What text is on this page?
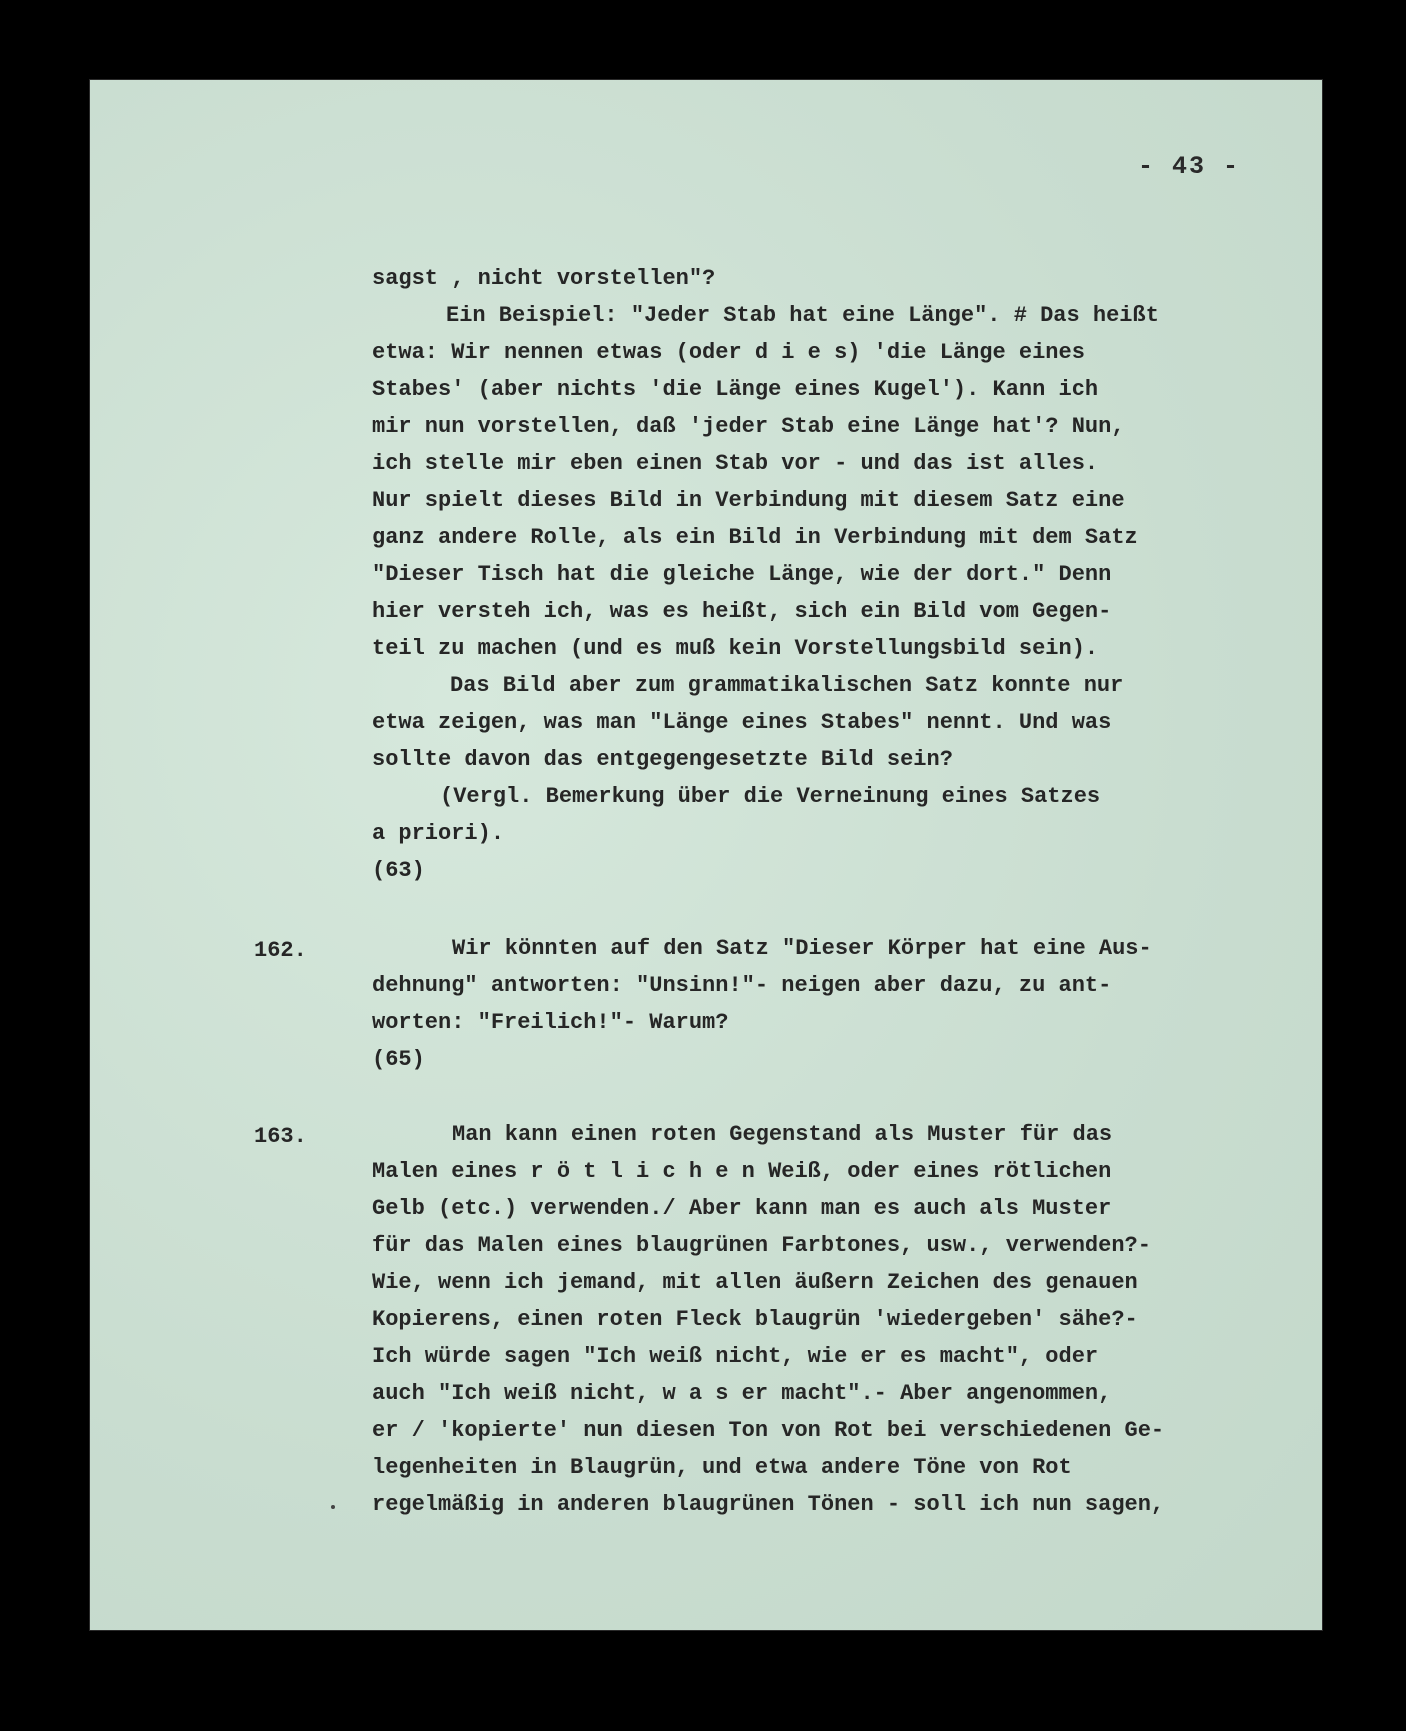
- 43 -
sagst , nicht vorstellen"?
Ein Beispiel: "Jeder Stab hat eine Länge". # Das heißt
etwa: Wir nennen etwas (oder d i e s) 'die Länge eines
Stabes' (aber nichts 'die Länge eines Kugel'). Kann ich
mir nun vorstellen, daß 'jeder Stab eine Länge hat'? Nun,
ich stelle mir eben einen Stab vor - und das ist alles.
Nur spielt dieses Bild in Verbindung mit diesem Satz eine
ganz andere Rolle, als ein Bild in Verbindung mit dem Satz
"Dieser Tisch hat die gleiche Länge, wie der dort." Denn
hier versteh ich, was es heißt, sich ein Bild vom Gegen-
teil zu machen (und es muß kein Vorstellungsbild sein).
Das Bild aber zum grammatikalischen Satz konnte nur
etwa zeigen, was man "Länge eines Stabes" nennt. Und was
sollte davon das entgegengesetzte Bild sein?
(Vergl. Bemerkung über die Verneinung eines Satzes
a priori).
(63)
Wir könnten auf den Satz "Dieser Körper hat eine Aus-
dehnung" antworten: "Unsinn!"- neigen aber dazu, zu ant-
worten: "Freilich!"- Warum?
(65)
Man kann einen roten Gegenstand als Muster für das
Malen eines r ö t l i c h e n Weiß, oder eines rötlichen
Gelb (etc.) verwenden./ Aber kann man es auch als Muster
für das Malen eines blaugrünen Farbtones, usw., verwenden?-
Wie, wenn ich jemand, mit allen äußern Zeichen des genauen
Kopierens, einen roten Fleck blaugrün 'wiedergeben' sähe?-
Ich würde sagen "Ich weiß nicht, wie er es macht", oder
auch "Ich weiß nicht, w a s er macht".- Aber angenommen,
er / 'kopierte' nun diesen Ton von Rot bei verschiedenen Ge-
legenheiten in Blaugrün, und etwa andere Töne von Rot
regelmäßig in anderen blaugrünen Tönen - soll ich nun sagen,
162.
163.
